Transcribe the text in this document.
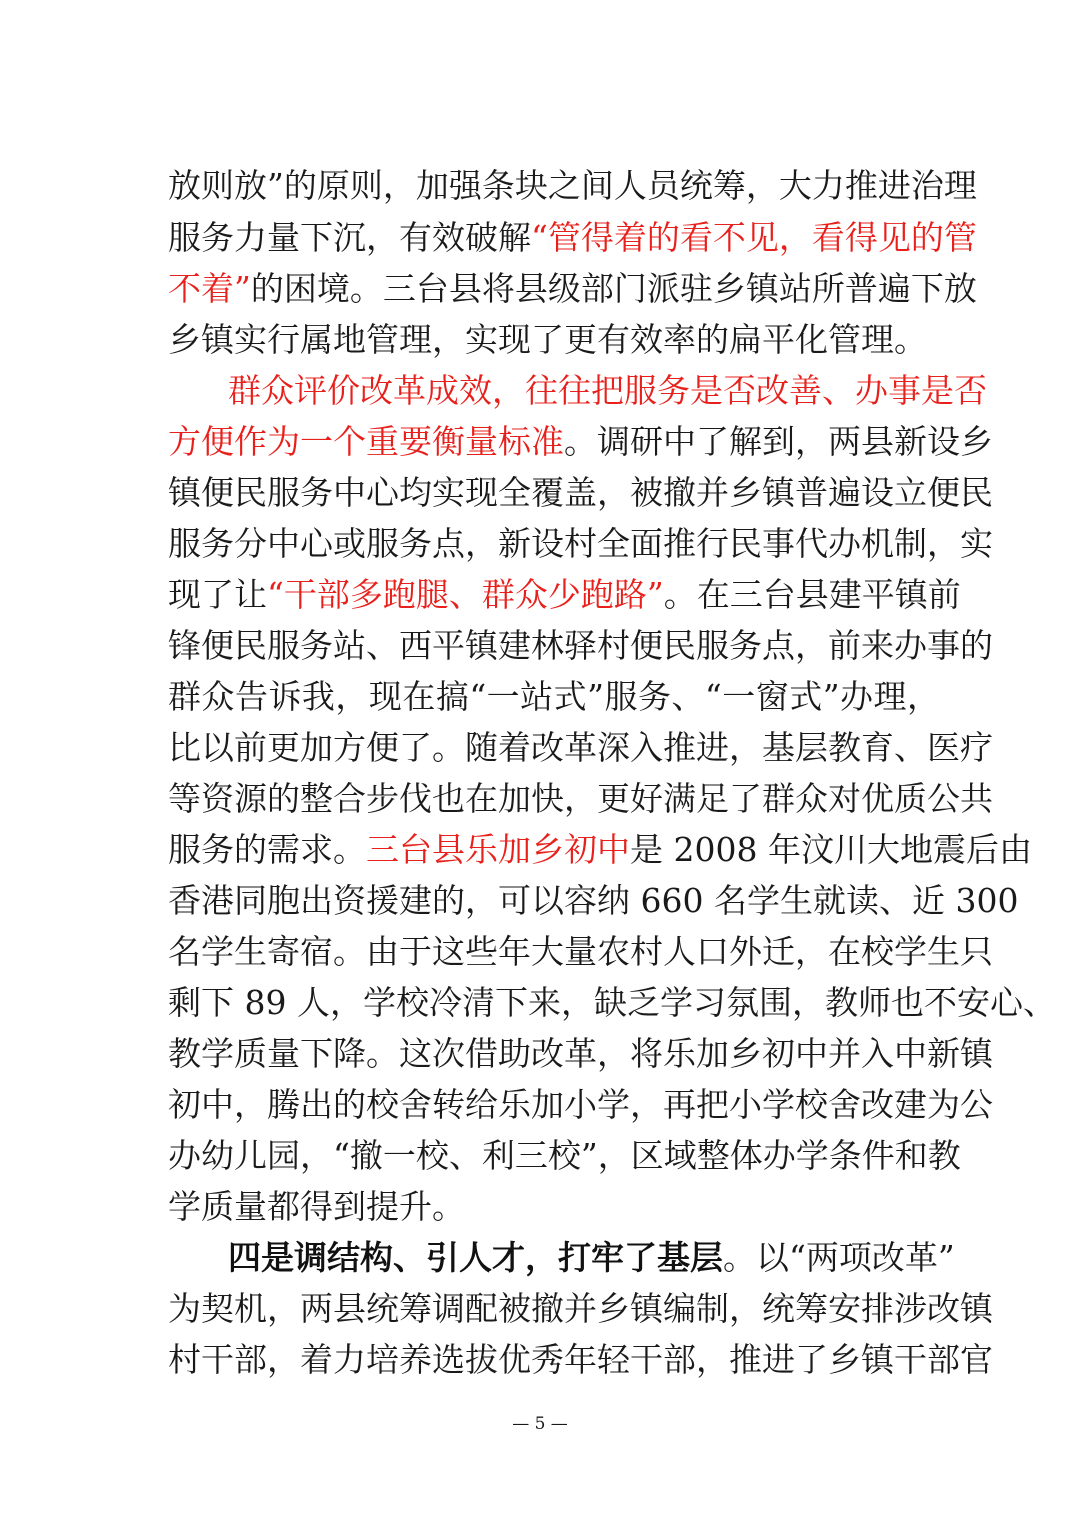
放则放”的原则，加强条块之间人员统筹，大力推进治理
服务力量下沉，有效破解“管得着的看不见，看得见的管
不着”的困境。三台县将县级部门派驻乡镇站所普遍下放
乡镇实行属地管理，实现了更有效率的扁平化管理。
群众评价改革成效，往往把服务是否改善、办事是否
方便作为一个重要衡量标准。调研中了解到，两县新设乡
镇便民服务中心均实现全覆盖，被撤并乡镇普遍设立便民
服务分中心或服务点，新设村全面推行民事代办机制，实
现了让“干部多跑腿、群众少跑路”。在三台县建平镇前
锋便民服务站、西平镇建林驿村便民服务点，前来办事的
群众告诉我，现在搞“一站式”服务、“一窗式”办理，
比以前更加方便了。随着改革深入推进，基层教育、医疗
等资源的整合步伐也在加快，更好满足了群众对优质公共
服务的需求。三台县乐加乡初中是 2008 年汶川大地震后由
香港同胞出资援建的，可以容纳 660 名学生就读、近 300
名学生寄宿。由于这些年大量农村人口外迁，在校学生只
剩下 89 人，学校冷清下来，缺乏学习氛围，教师也不安心、
教学质量下降。这次借助改革，将乐加乡初中并入中新镇
初中，腾出的校舍转给乐加小学，再把小学校舍改建为公
办幼儿园，“撤一校、利三校”，区域整体办学条件和教
学质量都得到提升。
四是调结构、引人才，打牢了基层。以“两项改革”
为契机，两县统筹调配被撤并乡镇编制，统筹安排涉改镇
村干部，着力培养选拔优秀年轻干部，推进了乡镇干部官
— 5 —
